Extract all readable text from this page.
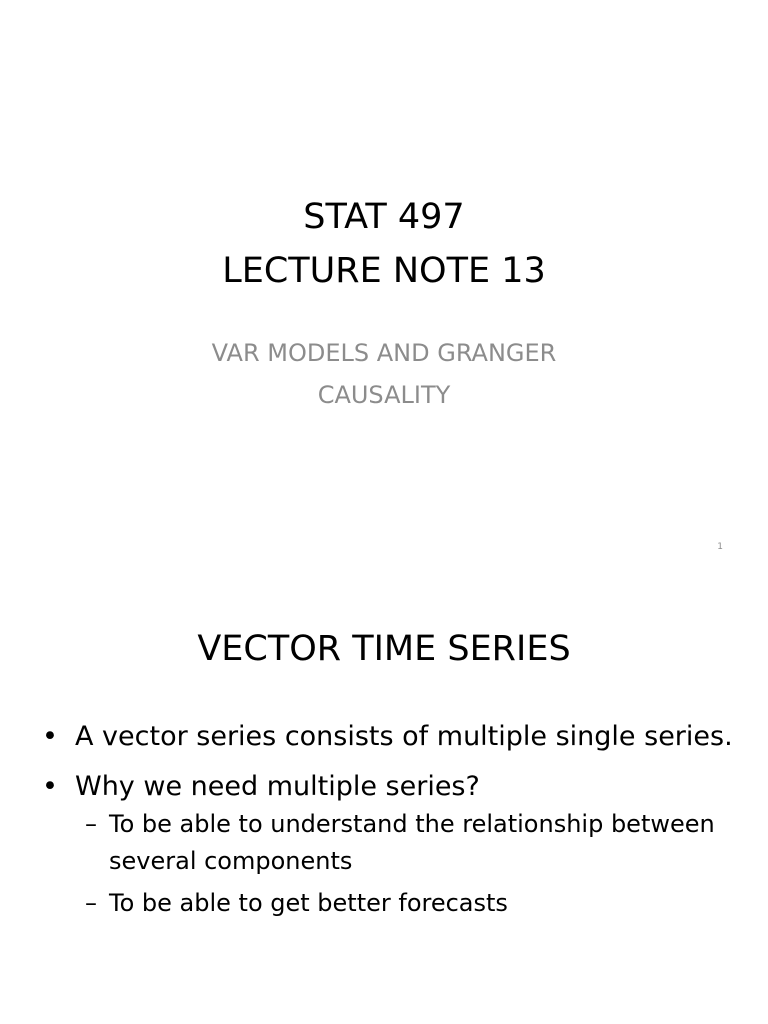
STAT 497
LECTURE NOTE 13
VAR MODELS AND GRANGER
CAUSALITY
1
VECTOR TIME SERIES
• A vector series consists of multiple single series.
• Why we need multiple series?
– To be able to understand the relationship between several components
– To be able to get better forecasts
